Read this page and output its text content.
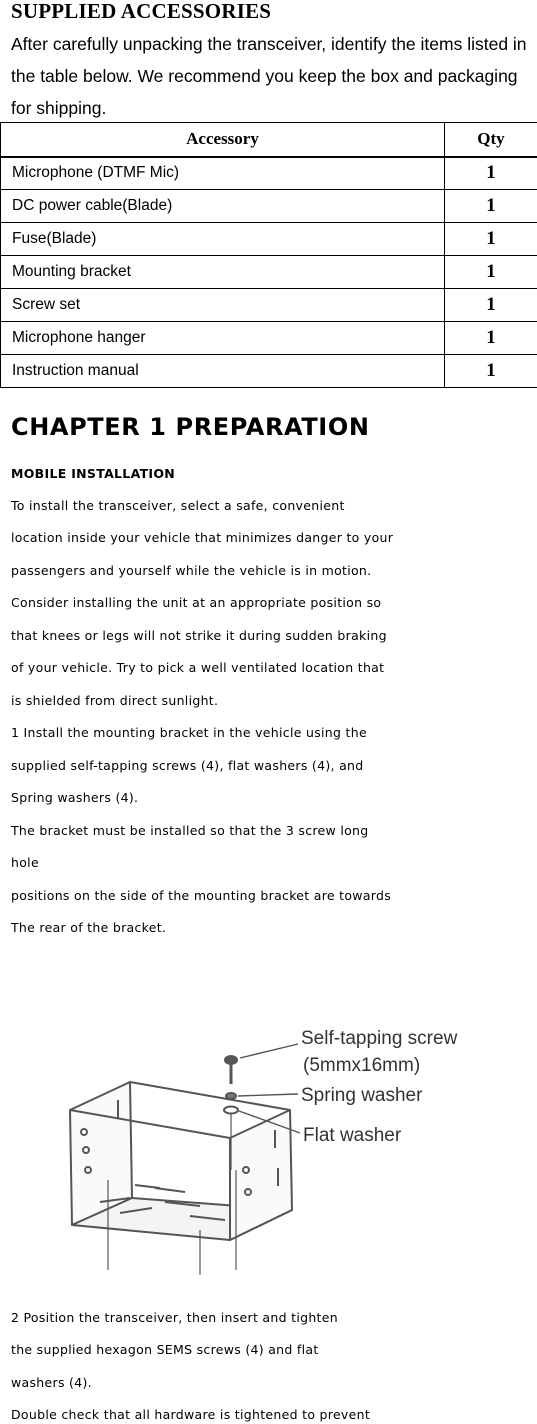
SUPPLIED ACCESSORIES

After carefully unpacking the transceiver, identify the items listed in the table below. We recommend you keep the box and packaging for shipping.

Accessory	Qty
Microphone (DTMF Mic)	1
DC power cable(Blade)	1
Fuse(Blade)	1
Mounting bracket	1
Screw set	1
Microphone hanger	1
Instruction manual	1
CHAPTER 1 PREPARATION
MOBILE INSTALLATION

To install the transceiver, select a safe, convenient

location inside your vehicle that minimizes danger to your

passengers and yourself while the vehicle is in motion.

Consider installing the unit at an appropriate position so

that knees or legs will not strike it during sudden braking

of your vehicle. Try to pick a well ventilated location that

is shielded from direct sunlight.

1 Install the mounting bracket in the vehicle using the

supplied self-tapping screws (4), flat washers (4), and

Spring washers (4).

The bracket must be installed so that the 3 screw long

hole

positions on the side of the mounting bracket are towards

The rear of the bracket.

Self-tapping screw
(5mmx16mm)
Spring washer
Flat washer

2 Position the transceiver, then insert and tighten

the supplied hexagon SEMS screws (4) and flat

washers (4).

Double check that all hardware is tightened to prevent
